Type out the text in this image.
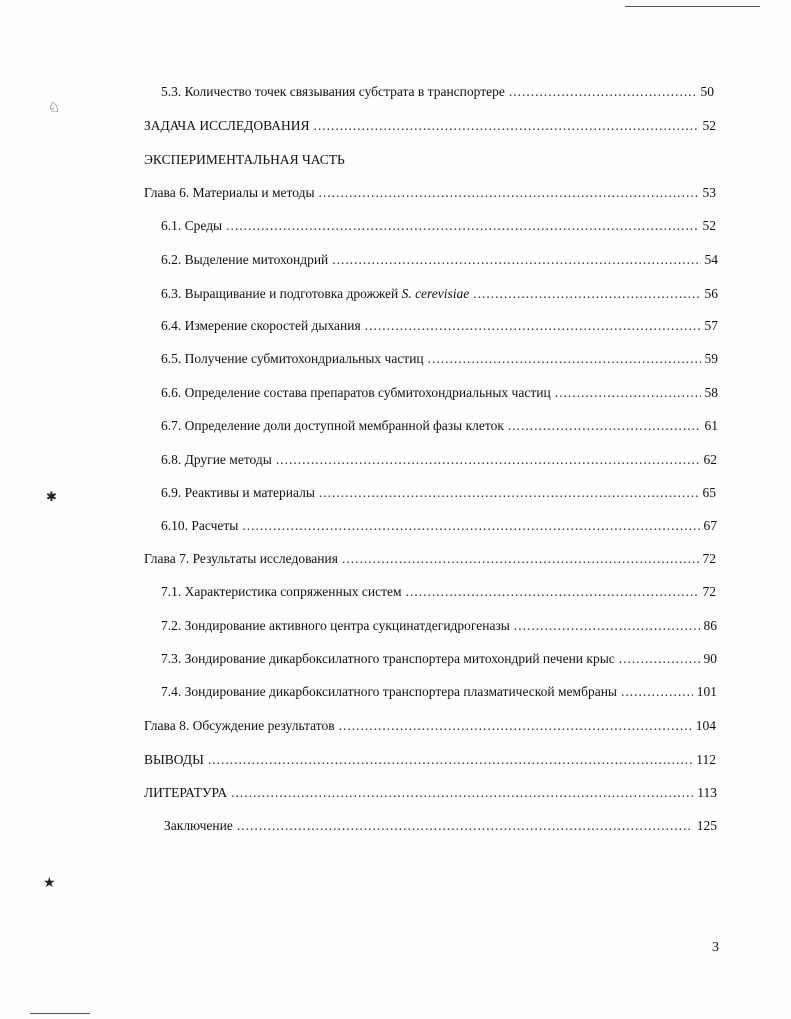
♘
✱
★
5.3. Количество точек связывания субстрата в транспортере .....	50
ЗАДАЧА ИССЛЕДОВАНИЯ .....	52
ЭКСПЕРИМЕНТАЛЬНАЯ ЧАСТЬ
Глава 6. Материалы и методы .....	53
6.1. Среды .....	52
6.2. Выделение митохондрий .....	54
6.3. Выращивание и подготовка дрожжей S. cerevisiae .....	56
6.4. Измерение скоростей дыхания .....	57
6.5. Получение субмитохондриальных частиц .....	59
6.6. Определение состава препаратов субмитохондриальных частиц .....	58
6.7. Определение доли доступной мембранной фазы клеток .....	61
6.8. Другие методы .....	62
6.9. Реактивы и материалы .....	65
6.10. Расчеты .....	67
Глава 7. Результаты исследования .....	72
7.1. Характеристика сопряженных систем .....	72
7.2. Зондирование активного центра сукцинатдегидрогеназы .....	86
7.3. Зондирование дикарбоксилатного транспортера митохондрий печени крыс .....	90
7.4. Зондирование дикарбоксилатного транспортера плазматической мембраны .....	101
Глава 8. Обсуждение результатов .....	104
ВЫВОДЫ .....	112
ЛИТЕРАТУРА .....	113
Заключение .....	125
3
